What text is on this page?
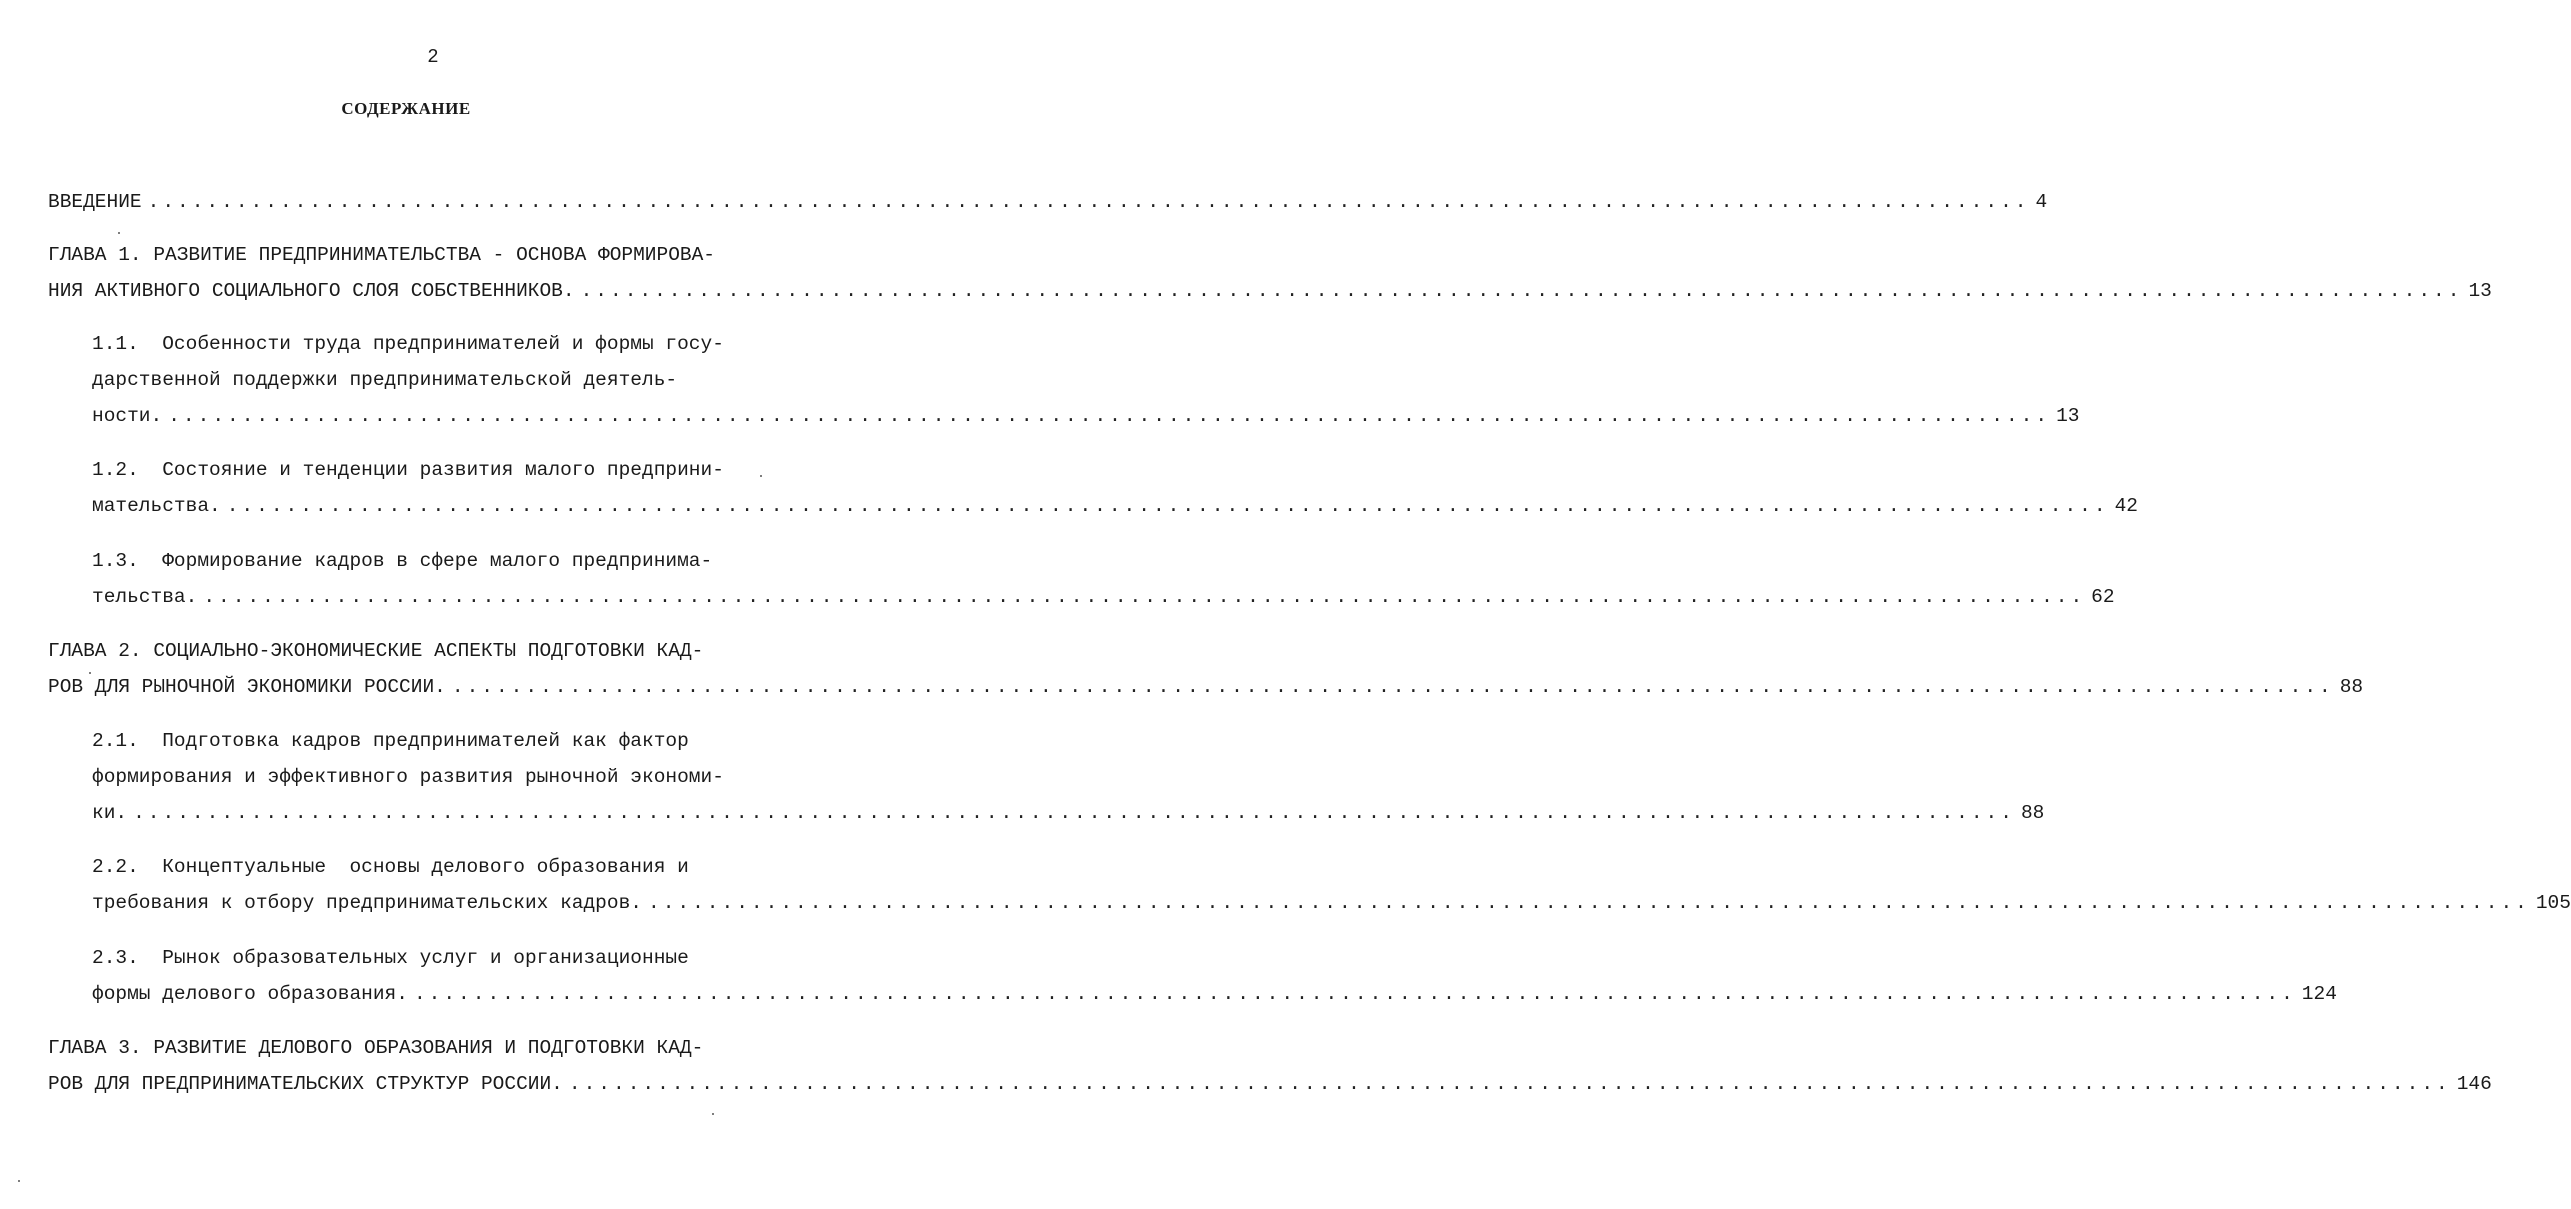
2
СОДЕРЖАНИЕ
ВВЕДЕНИЕ ................................................................................................................................ 4
ГЛАВА 1. РАЗВИТИЕ ПРЕДПРИНИМАТЕЛЬСТВА - ОСНОВА ФОРМИРОВА-
НИЯ АКТИВНОГО СОЦИАЛЬНОГО СЛОЯ СОБСТВЕННИКОВ. ................................................................................................................................ 13
1.1.  Особенности труда предпринимателей и формы госу-
дарственной поддержки предпринимательской деятель-
ности. ................................................................................................................................ 13
1.2.  Состояние и тенденции развития малого предприни-
мательства. ................................................................................................................................ 42
1.3.  Формирование кадров в сфере малого предпринима-
тельства. ................................................................................................................................ 62
ГЛАВА 2. СОЦИАЛЬНО-ЭКОНОМИЧЕСКИЕ АСПЕКТЫ ПОДГОТОВКИ КАД-
РОВ ДЛЯ РЫНОЧНОЙ ЭКОНОМИКИ РОССИИ. ................................................................................................................................ 88
2.1.  Подготовка кадров предпринимателей как фактор
формирования и эффективного развития рыночной экономи-
ки. ................................................................................................................................ 88
2.2.  Концептуальные  основы делового образования и
требования к отбору предпринимательских кадров. ................................................................................................................................ 105
2.3.  Рынок образовательных услуг и организационные
формы делового образования. ................................................................................................................................ 124
ГЛАВА 3. РАЗВИТИЕ ДЕЛОВОГО ОБРАЗОВАНИЯ И ПОДГОТОВКИ КАД-
РОВ ДЛЯ ПРЕДПРИНИМАТЕЛЬСКИХ СТРУКТУР РОССИИ. ................................................................................................................................ 146
